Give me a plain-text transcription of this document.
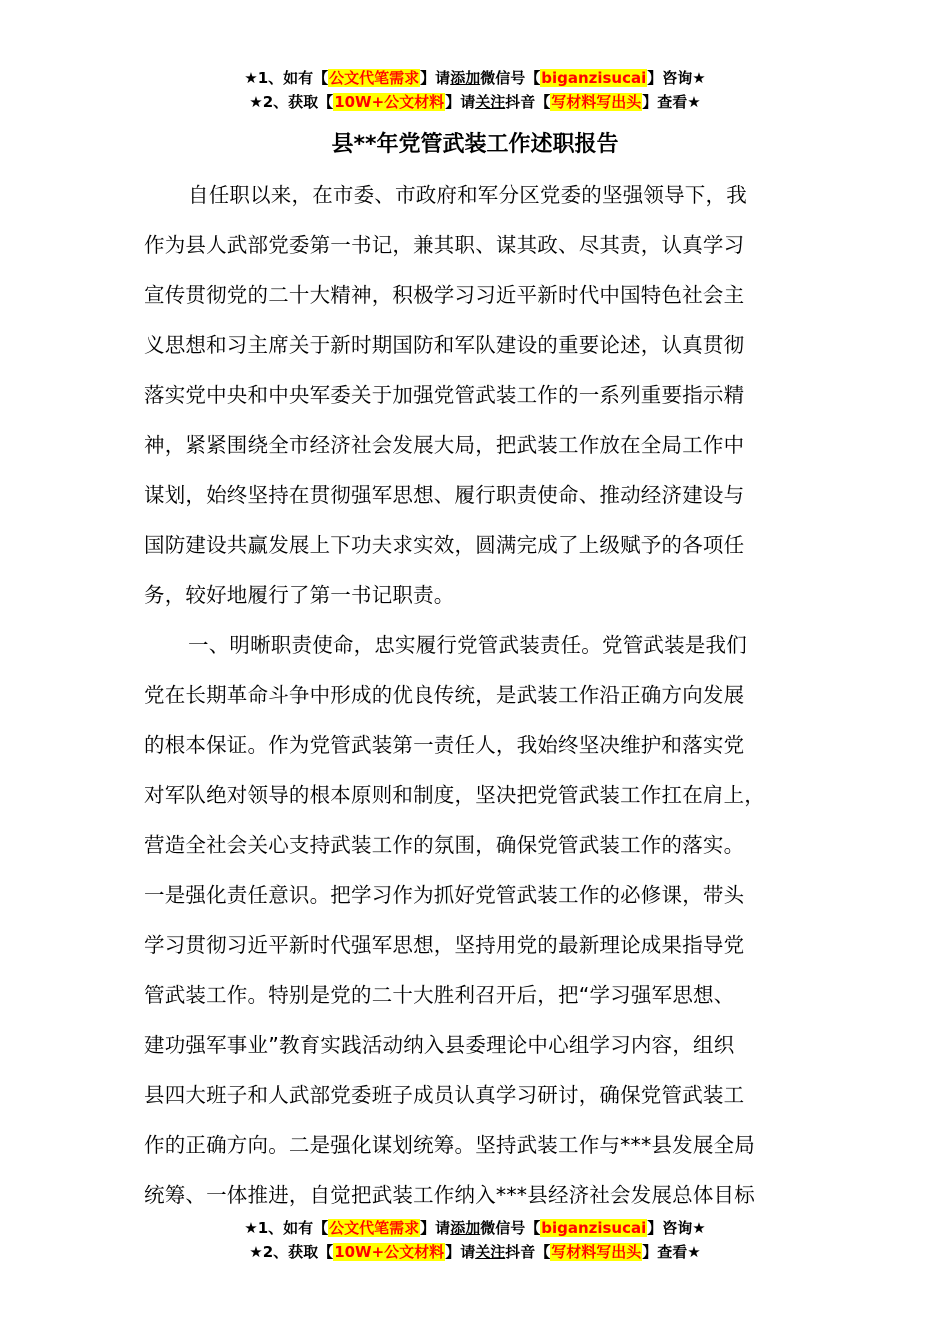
★1、如有【公文代笔需求】请添加微信号【biganzisucai】咨询★
★2、获取【10W+公文材料】请关注抖音【写材料写出头】查看★
县**年党管武装工作述职报告
自任职以来，在市委、市政府和军分区党委的坚强领导下，我
作为县人武部党委第一书记，兼其职、谋其政、尽其责，认真学习
宣传贯彻党的二十大精神，积极学习习近平新时代中国特色社会主
义思想和习主席关于新时期国防和军队建设的重要论述，认真贯彻
落实党中央和中央军委关于加强党管武装工作的一系列重要指示精
神，紧紧围绕全市经济社会发展大局，把武装工作放在全局工作中
谋划，始终坚持在贯彻强军思想、履行职责使命、推动经济建设与
国防建设共赢发展上下功夫求实效，圆满完成了上级赋予的各项任
务，较好地履行了第一书记职责。
一、明晰职责使命，忠实履行党管武装责任。党管武装是我们
党在长期革命斗争中形成的优良传统，是武装工作沿正确方向发展
的根本保证。作为党管武装第一责任人，我始终坚决维护和落实党
对军队绝对领导的根本原则和制度，坚决把党管武装工作扛在肩上，
营造全社会关心支持武装工作的氛围，确保党管武装工作的落实。
一是强化责任意识。把学习作为抓好党管武装工作的必修课，带头
学习贯彻习近平新时代强军思想，坚持用党的最新理论成果指导党
管武装工作。特别是党的二十大胜利召开后，把“学习强军思想、
建功强军事业”教育实践活动纳入县委理论中心组学习内容，组织
县四大班子和人武部党委班子成员认真学习研讨，确保党管武装工
作的正确方向。二是强化谋划统筹。坚持武装工作与***县发展全局
统筹、一体推进，自觉把武装工作纳入***县经济社会发展总体目标
★1、如有【公文代笔需求】请添加微信号【biganzisucai】咨询★
★2、获取【10W+公文材料】请关注抖音【写材料写出头】查看★
